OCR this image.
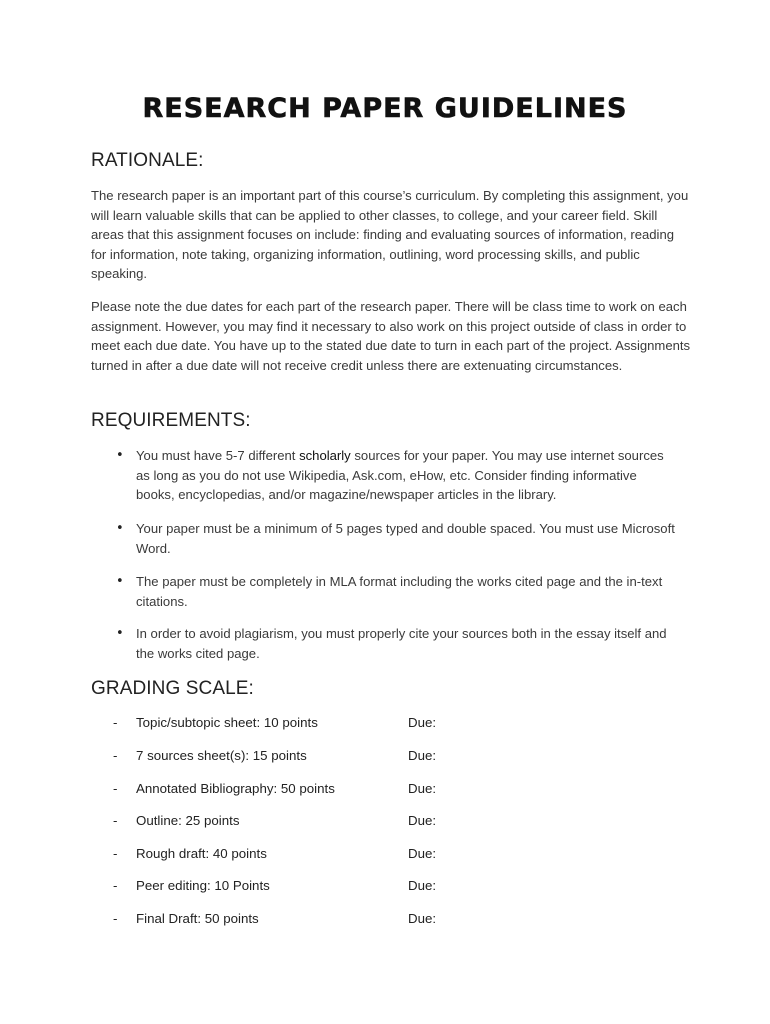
RESEARCH PAPER GUIDELINES
RATIONALE:
The research paper is an important part of this course’s curriculum. By completing this assignment, you will learn valuable skills that can be applied to other classes, to college, and your career field. Skill areas that this assignment focuses on include: finding and evaluating sources of information, reading for information, note taking, organizing information, outlining, word processing skills, and public speaking.
Please note the due dates for each part of the research paper. There will be class time to work on each assignment. However, you may find it necessary to also work on this project outside of class in order to meet each due date. You have up to the stated due date to turn in each part of the project. Assignments turned in after a due date will not receive credit unless there are extenuating circumstances.
REQUIREMENTS:
• You must have 5-7 different scholarly sources for your paper. You may use internet sources as long as you do not use Wikipedia, Ask.com, eHow, etc. Consider finding informative books, encyclopedias, and/or magazine/newspaper articles in the library.
• Your paper must be a minimum of 5 pages typed and double spaced. You must use Microsoft Word.
• The paper must be completely in MLA format including the works cited page and the in-text citations.
• In order to avoid plagiarism, you must properly cite your sources both in the essay itself and the works cited page.
GRADING SCALE:
- Topic/subtopic sheet: 10 points	Due:
- 7 sources sheet(s): 15 points	Due:
- Annotated Bibliography: 50 points	Due:
- Outline: 25 points	Due:
- Rough draft: 40 points	Due:
- Peer editing: 10 Points	Due:
- Final Draft: 50 points	Due:
